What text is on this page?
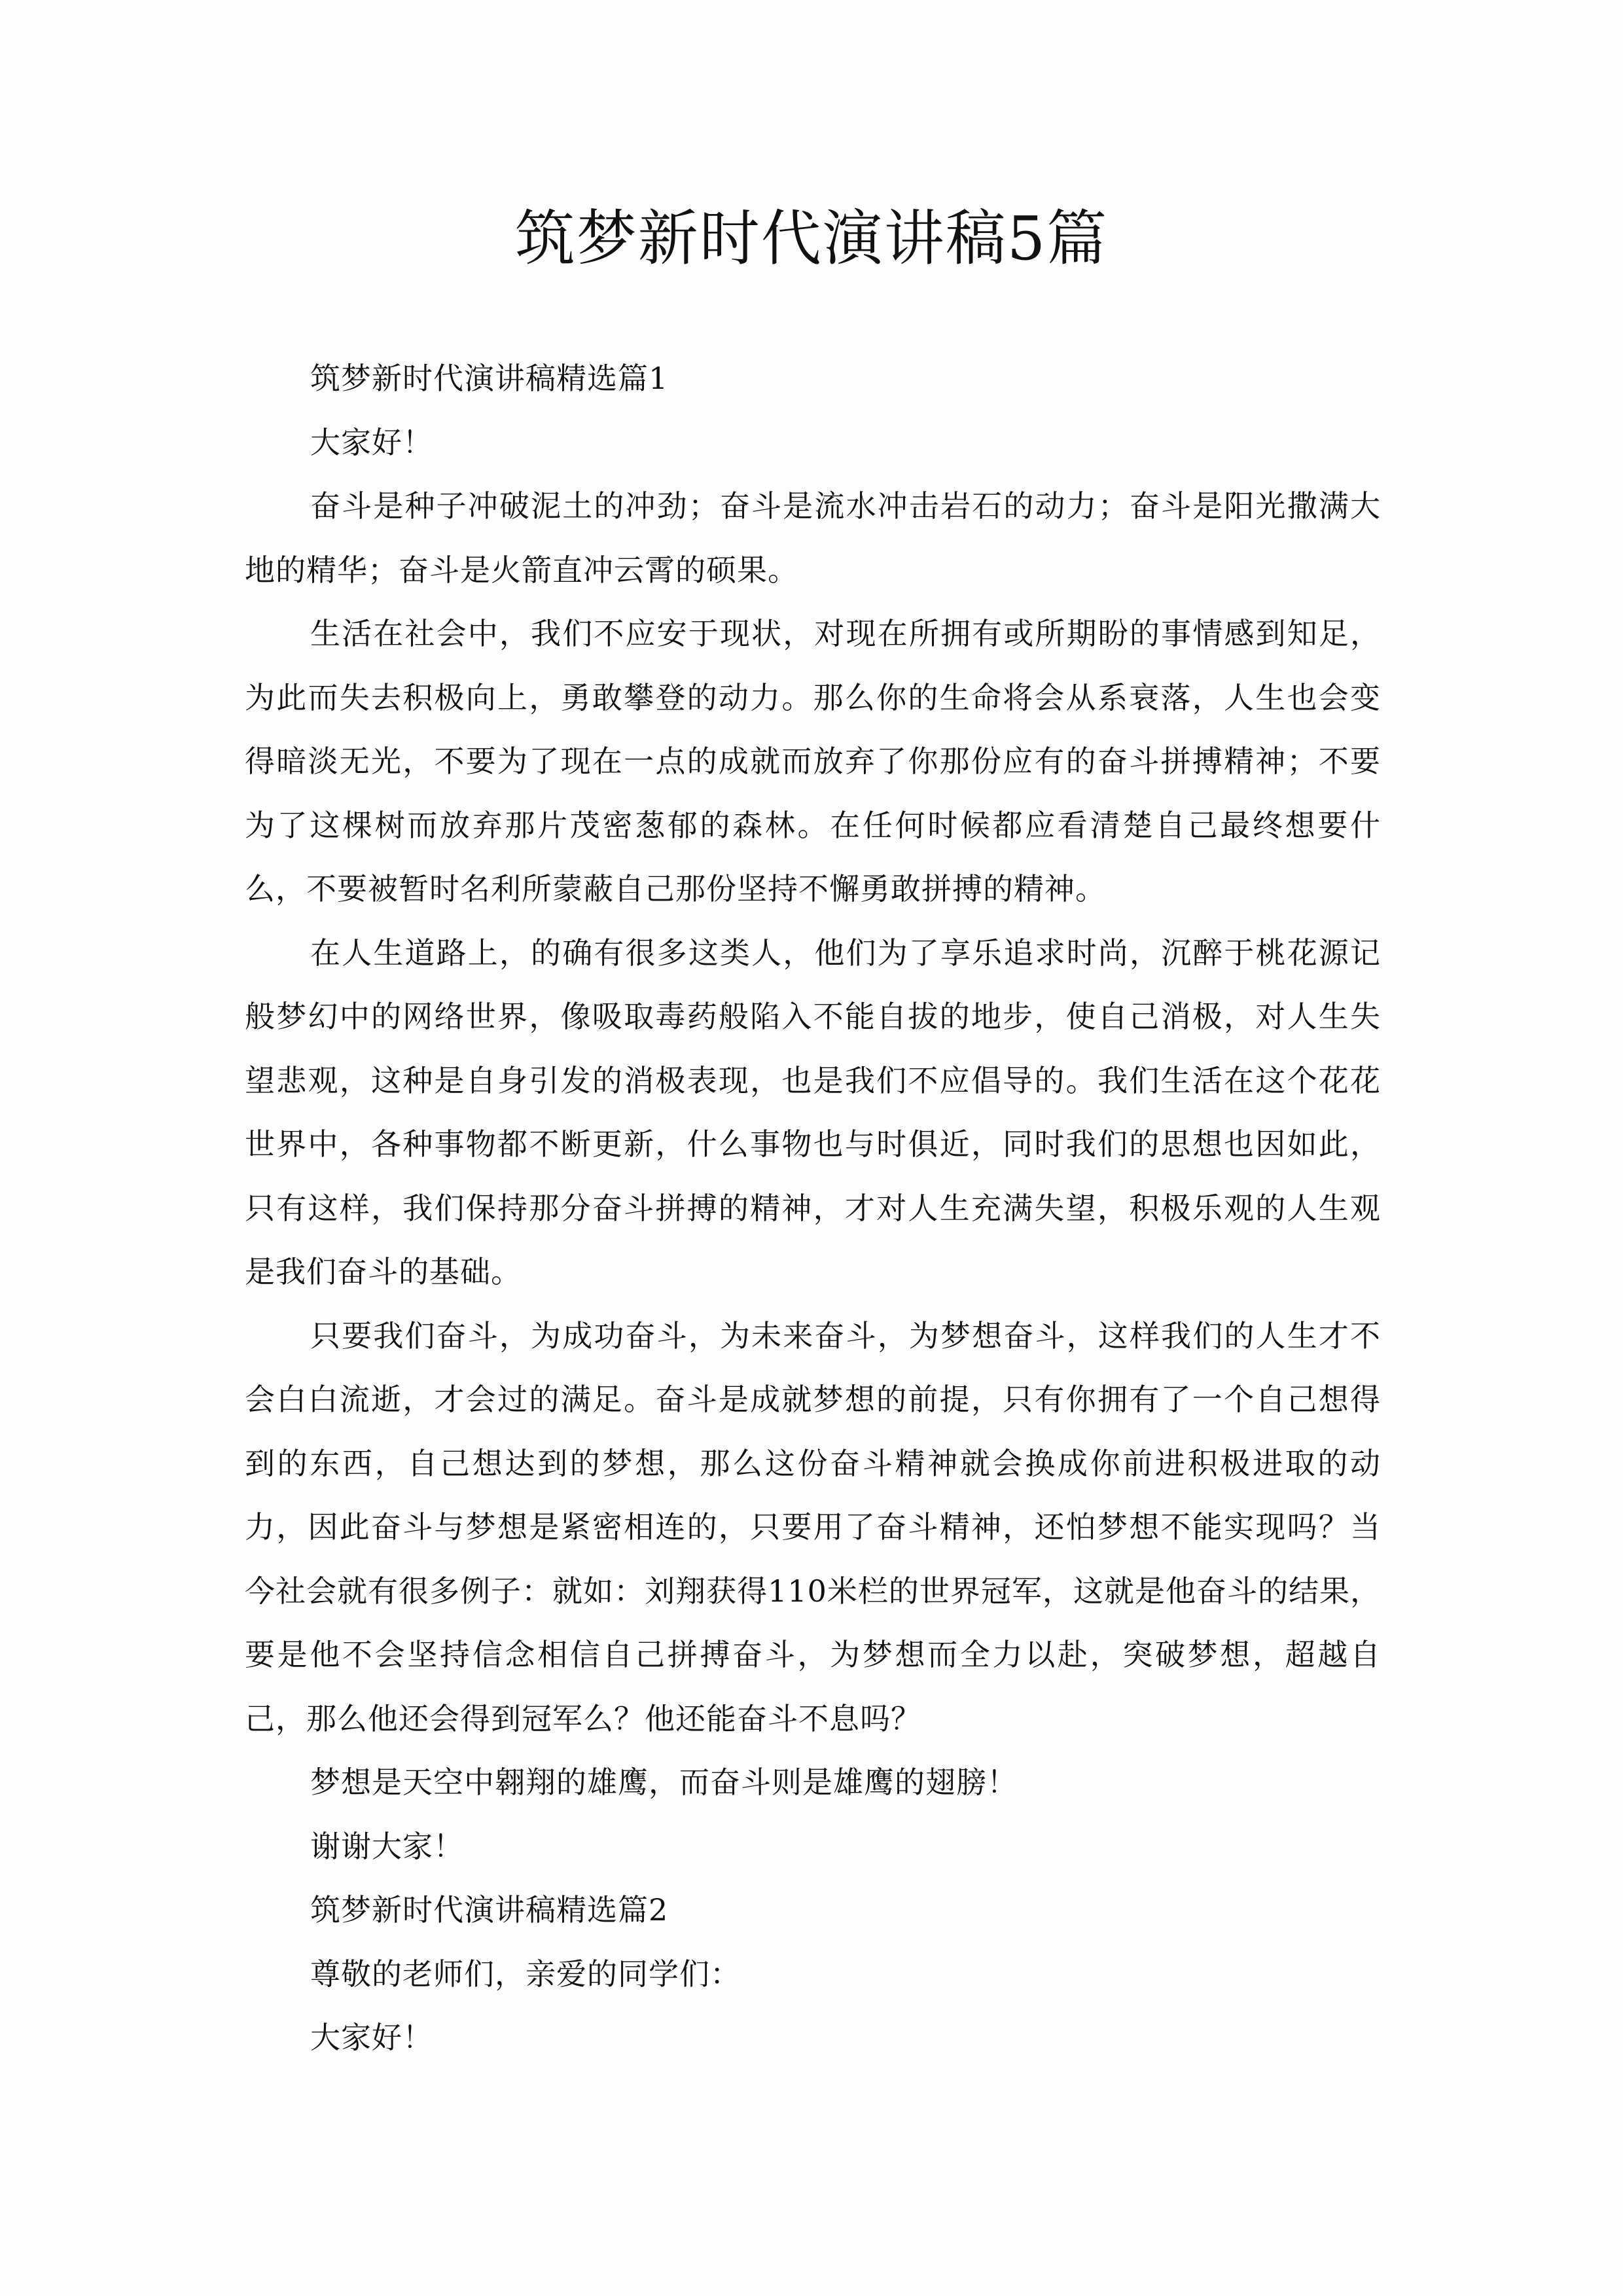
筑梦新时代演讲稿5篇

筑梦新时代演讲稿精选篇1

大家好！

奋斗是种子冲破泥土的冲劲；奋斗是流水冲击岩石的动力；奋斗是阳光撒满大地的精华；奋斗是火箭直冲云霄的硕果。

生活在社会中，我们不应安于现状，对现在所拥有或所期盼的事情感到知足，为此而失去积极向上，勇敢攀登的动力。那么你的生命将会从系衰落，人生也会变得暗淡无光，不要为了现在一点的成就而放弃了你那份应有的奋斗拼搏精神；不要为了这棵树而放弃那片茂密葱郁的森林。在任何时候都应看清楚自己最终想要什么，不要被暂时名利所蒙蔽自己那份坚持不懈勇敢拼搏的精神。

在人生道路上，的确有很多这类人，他们为了享乐追求时尚，沉醉于桃花源记般梦幻中的网络世界，像吸取毒药般陷入不能自拔的地步，使自己消极，对人生失望悲观，这种是自身引发的消极表现，也是我们不应倡导的。我们生活在这个花花世界中，各种事物都不断更新，什么事物也与时俱近，同时我们的思想也因如此，只有这样，我们保持那分奋斗拼搏的精神，才对人生充满失望，积极乐观的人生观是我们奋斗的基础。

只要我们奋斗，为成功奋斗，为未来奋斗，为梦想奋斗，这样我们的人生才不会白白流逝，才会过的满足。奋斗是成就梦想的前提，只有你拥有了一个自己想得到的东西，自己想达到的梦想，那么这份奋斗精神就会换成你前进积极进取的动力，因此奋斗与梦想是紧密相连的，只要用了奋斗精神，还怕梦想不能实现吗？当今社会就有很多例子：就如：刘翔获得110米栏的世界冠军，这就是他奋斗的结果，要是他不会坚持信念相信自己拼搏奋斗，为梦想而全力以赴，突破梦想，超越自己，那么他还会得到冠军么？他还能奋斗不息吗？

梦想是天空中翱翔的雄鹰，而奋斗则是雄鹰的翅膀！

谢谢大家！

筑梦新时代演讲稿精选篇2

尊敬的老师们，亲爱的同学们：

大家好！
